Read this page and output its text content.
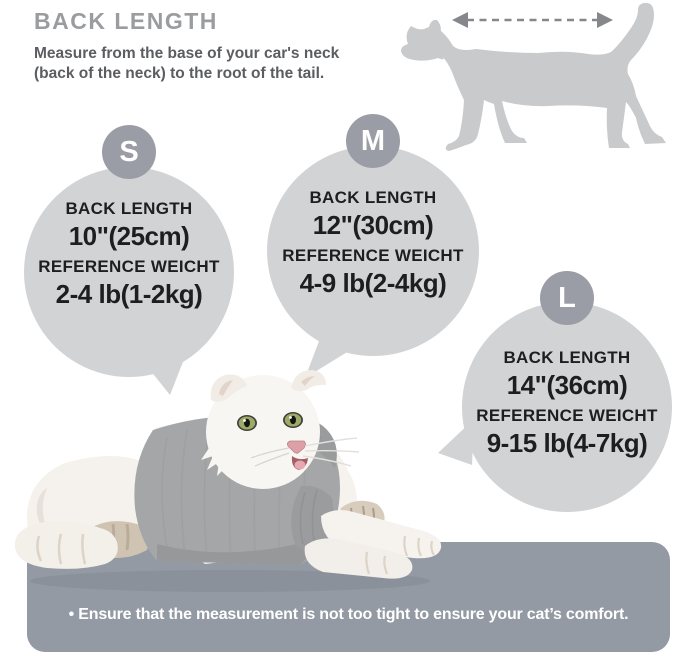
BACK LENGTH
Measure from the base of your car's neck
(back of the neck) to the root of the tail.
S
BACK LENGTH
10"(25cm)
REFERENCE WEICHT
2-4 lb(1-2kg)
M
BACK LENGTH
12"(30cm)
REFERENCE WEICHT
4-9 lb(2-4kg)	L
BACK LENGTH
14"(36cm)
REFERENCE WEICHT
9-15 lb(4-7kg)
• Ensure that the measurement is not too tight to ensure your cat’s comfort.
